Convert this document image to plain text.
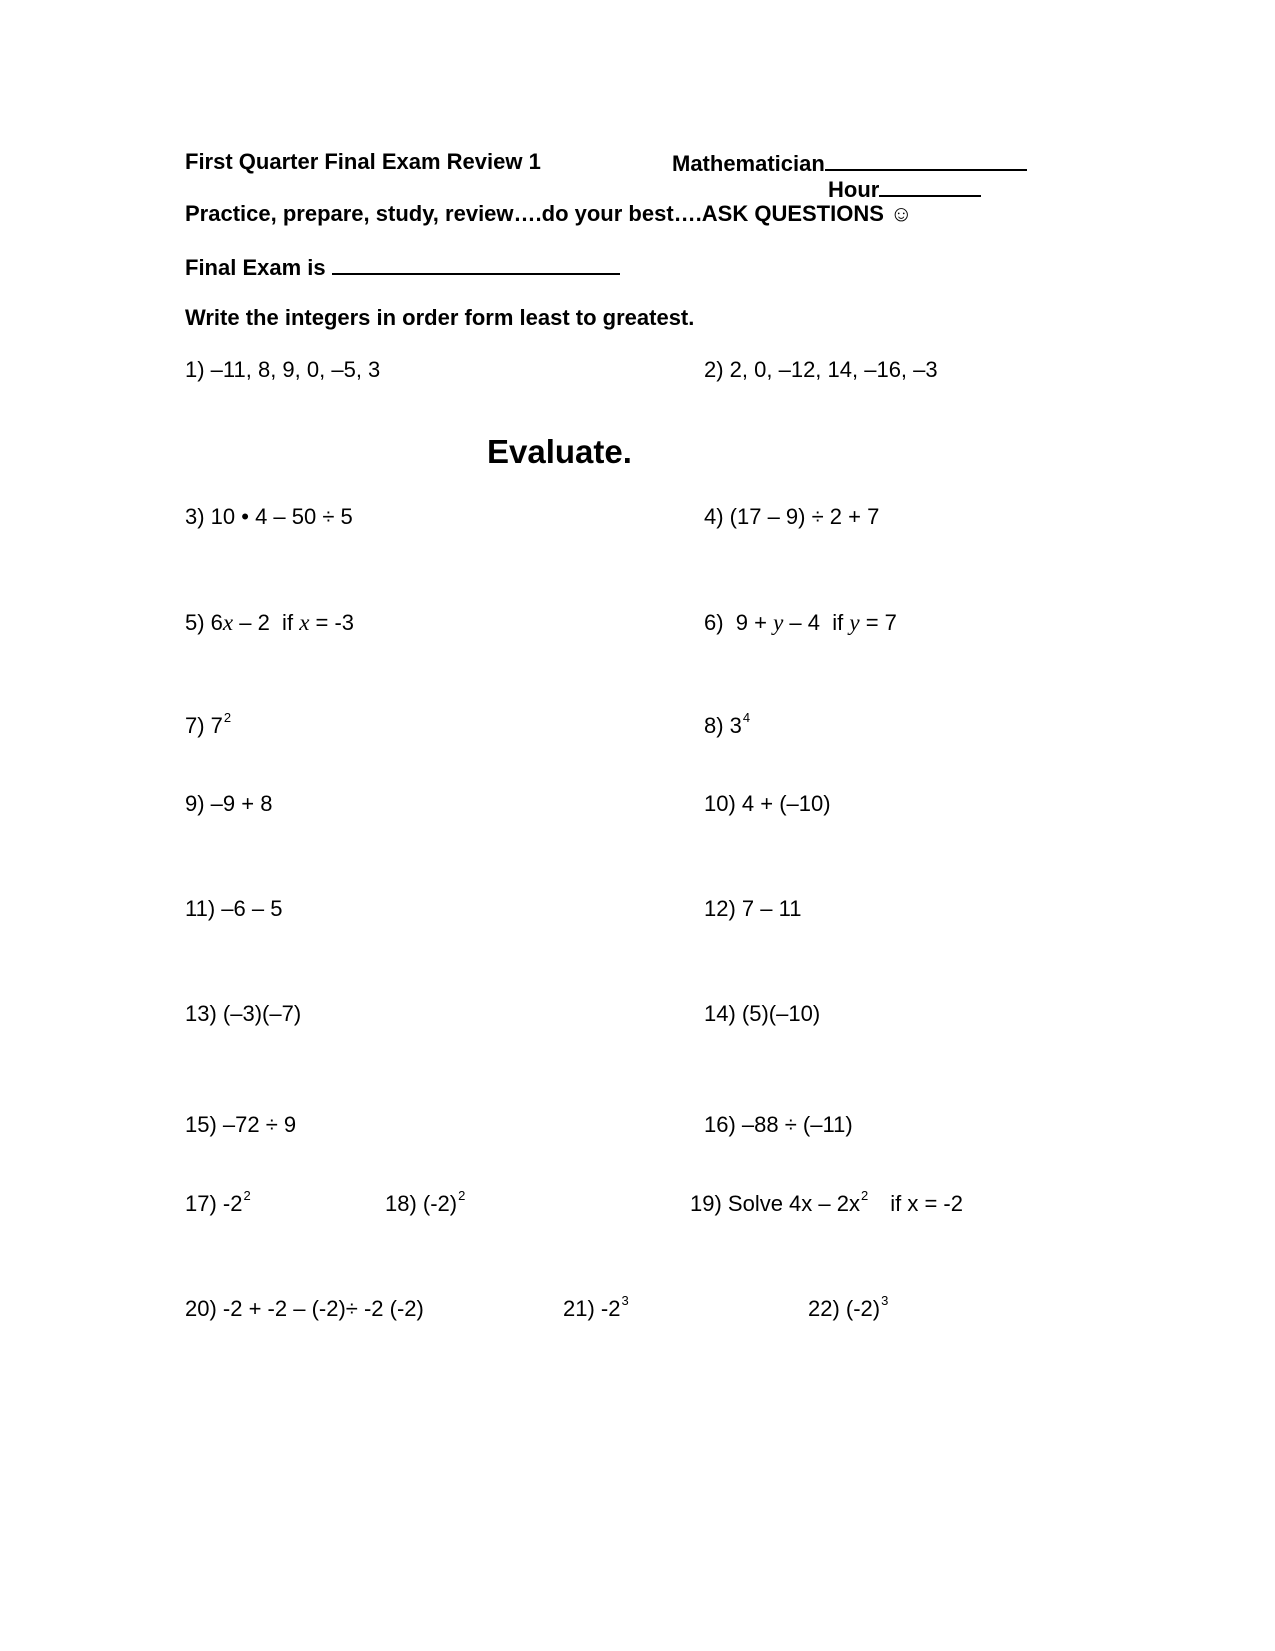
First Quarter Final Exam Review 1	Mathematician
Hour
Practice, prepare, study, review….do your best….ASK QUESTIONS ☺
Final Exam is
Write the integers in order form least to greatest.
1) –11, 8, 9, 0, –5, 3	2) 2, 0, –12, 14, –16, –3
Evaluate.
3) 10 • 4 – 50 ÷ 5	4) (17 – 9) ÷ 2 + 7
5) 6x – 2  if x = -3	6)  9 + y – 4  if y = 7
7) $7^2$	8) $3^4$
9) –9 + 8	10) 4 + (–10)
11) –6 – 5	12) 7 – 11
13) (–3)(–7)	14) (5)(–10)
15) –72 ÷ 9	16) –88 ÷ (–11)
17) $-2^2$	18) $(-2)^2$	19) Solve $4x - 2x^2$ if x = -2
20) -2 + -2 – (-2)÷ -2 (-2)	21) $-2^3$	22) $(-2)^3$
